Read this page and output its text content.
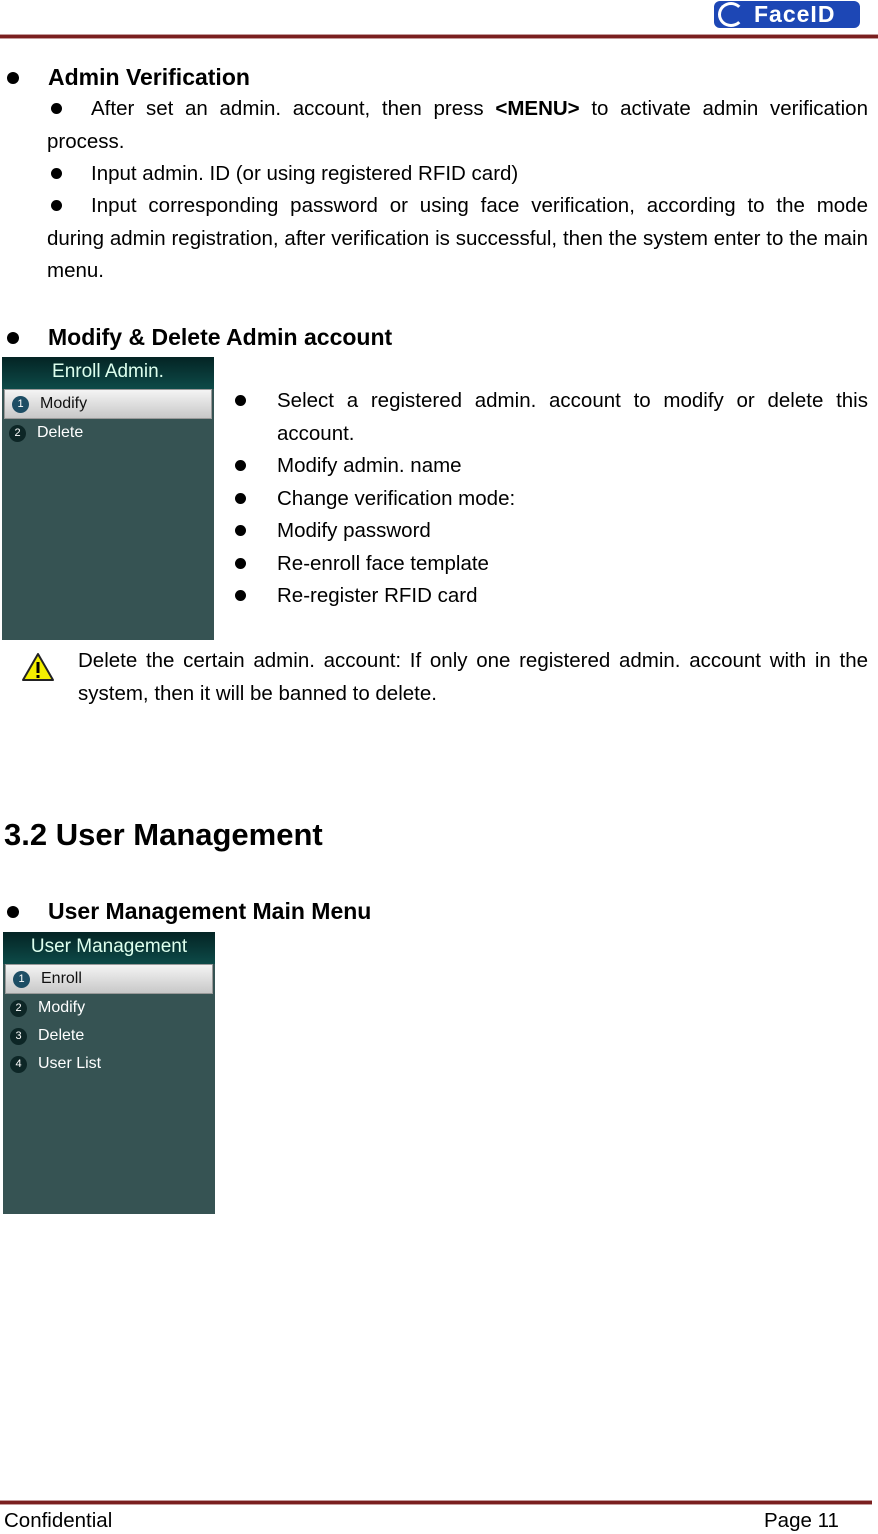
FaceID
Admin Verification
After set an admin. account, then press <MENU> to activate admin verification process.
Input admin. ID (or using registered RFID card)
Input corresponding password or using face verification, according to the mode during admin registration, after verification is successful, then the system enter to the main menu.
Modify & Delete Admin account
Enroll Admin.
1	Modify
2	Delete
Select a registered admin. account to modify or delete this account.
Modify admin. name
Change verification mode:
Modify password
Re-enroll face template
Re-register RFID card
Delete the certain admin. account: If only one registered admin. account with in the system, then it will be banned to delete.
3.2 User Management
User Management Main Menu
User Management
1	Enroll
2	Modify
3	Delete
4	User List
Confidential	Page 11
